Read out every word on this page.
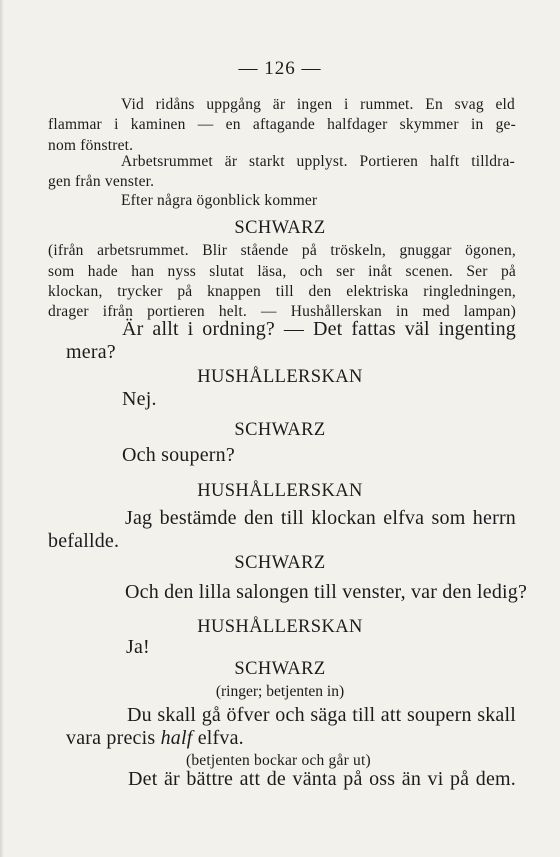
— 126 —
Vid ridåns uppgång är ingen i rummet. En svag eld
flammar i kaminen — en aftagande halfdager skymmer in ge-
nom fönstret.
Arbetsrummet är starkt upplyst. Portieren halft tilldra-
gen från venster.
Efter några ögonblick kommer
SCHWARZ
(ifrån arbetsrummet. Blir stående på tröskeln, gnuggar ögonen,
som hade han nyss slutat läsa, och ser inåt scenen. Ser på
klockan, trycker på knappen till den elektriska ringledningen,
drager ifrån portieren helt. — Hushållerskan in med lampan)
Är allt i ordning? — Det fattas väl ingenting
mera?
HUSHÅLLERSKAN
Nej.
SCHWARZ
Och soupern?
HUSHÅLLERSKAN
Jag bestämde den till klockan elfva som herrn
befallde.
SCHWARZ
Och den lilla salongen till venster, var den ledig?
HUSHÅLLERSKAN
Ja!
SCHWARZ
(ringer; betjenten in)
Du skall gå öfver och säga till att soupern skall
vara precis half elfva.
(betjenten bockar och går ut)
Det är bättre att de vänta på oss än vi på dem.
